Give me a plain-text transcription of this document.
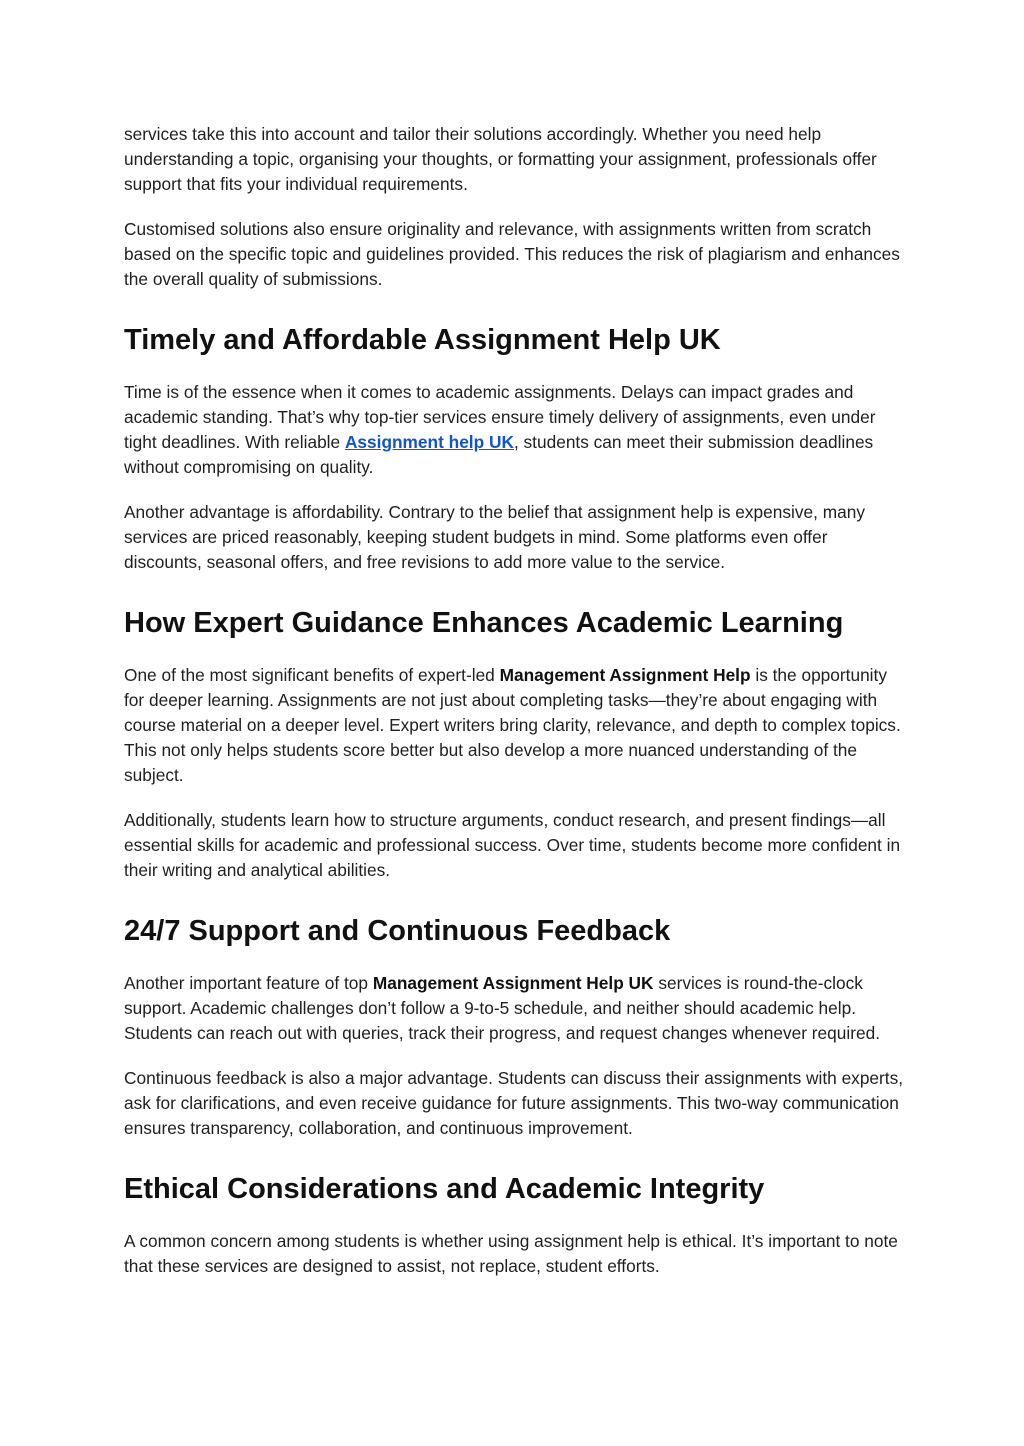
services take this into account and tailor their solutions accordingly. Whether you need help understanding a topic, organising your thoughts, or formatting your assignment, professionals offer support that fits your individual requirements.

Customised solutions also ensure originality and relevance, with assignments written from scratch based on the specific topic and guidelines provided. This reduces the risk of plagiarism and enhances the overall quality of submissions.

Timely and Affordable Assignment Help UK

Time is of the essence when it comes to academic assignments. Delays can impact grades and academic standing. That’s why top-tier services ensure timely delivery of assignments, even under tight deadlines. With reliable Assignment help UK, students can meet their submission deadlines without compromising on quality.

Another advantage is affordability. Contrary to the belief that assignment help is expensive, many services are priced reasonably, keeping student budgets in mind. Some platforms even offer discounts, seasonal offers, and free revisions to add more value to the service.

How Expert Guidance Enhances Academic Learning

One of the most significant benefits of expert-led Management Assignment Help is the opportunity for deeper learning. Assignments are not just about completing tasks—they’re about engaging with course material on a deeper level. Expert writers bring clarity, relevance, and depth to complex topics. This not only helps students score better but also develop a more nuanced understanding of the subject.

Additionally, students learn how to structure arguments, conduct research, and present findings—all essential skills for academic and professional success. Over time, students become more confident in their writing and analytical abilities.

24/7 Support and Continuous Feedback

Another important feature of top Management Assignment Help UK services is round-the-clock support. Academic challenges don’t follow a 9-to-5 schedule, and neither should academic help. Students can reach out with queries, track their progress, and request changes whenever required.

Continuous feedback is also a major advantage. Students can discuss their assignments with experts, ask for clarifications, and even receive guidance for future assignments. This two-way communication ensures transparency, collaboration, and continuous improvement.

Ethical Considerations and Academic Integrity

A common concern among students is whether using assignment help is ethical. It’s important to note that these services are designed to assist, not replace, student efforts.
